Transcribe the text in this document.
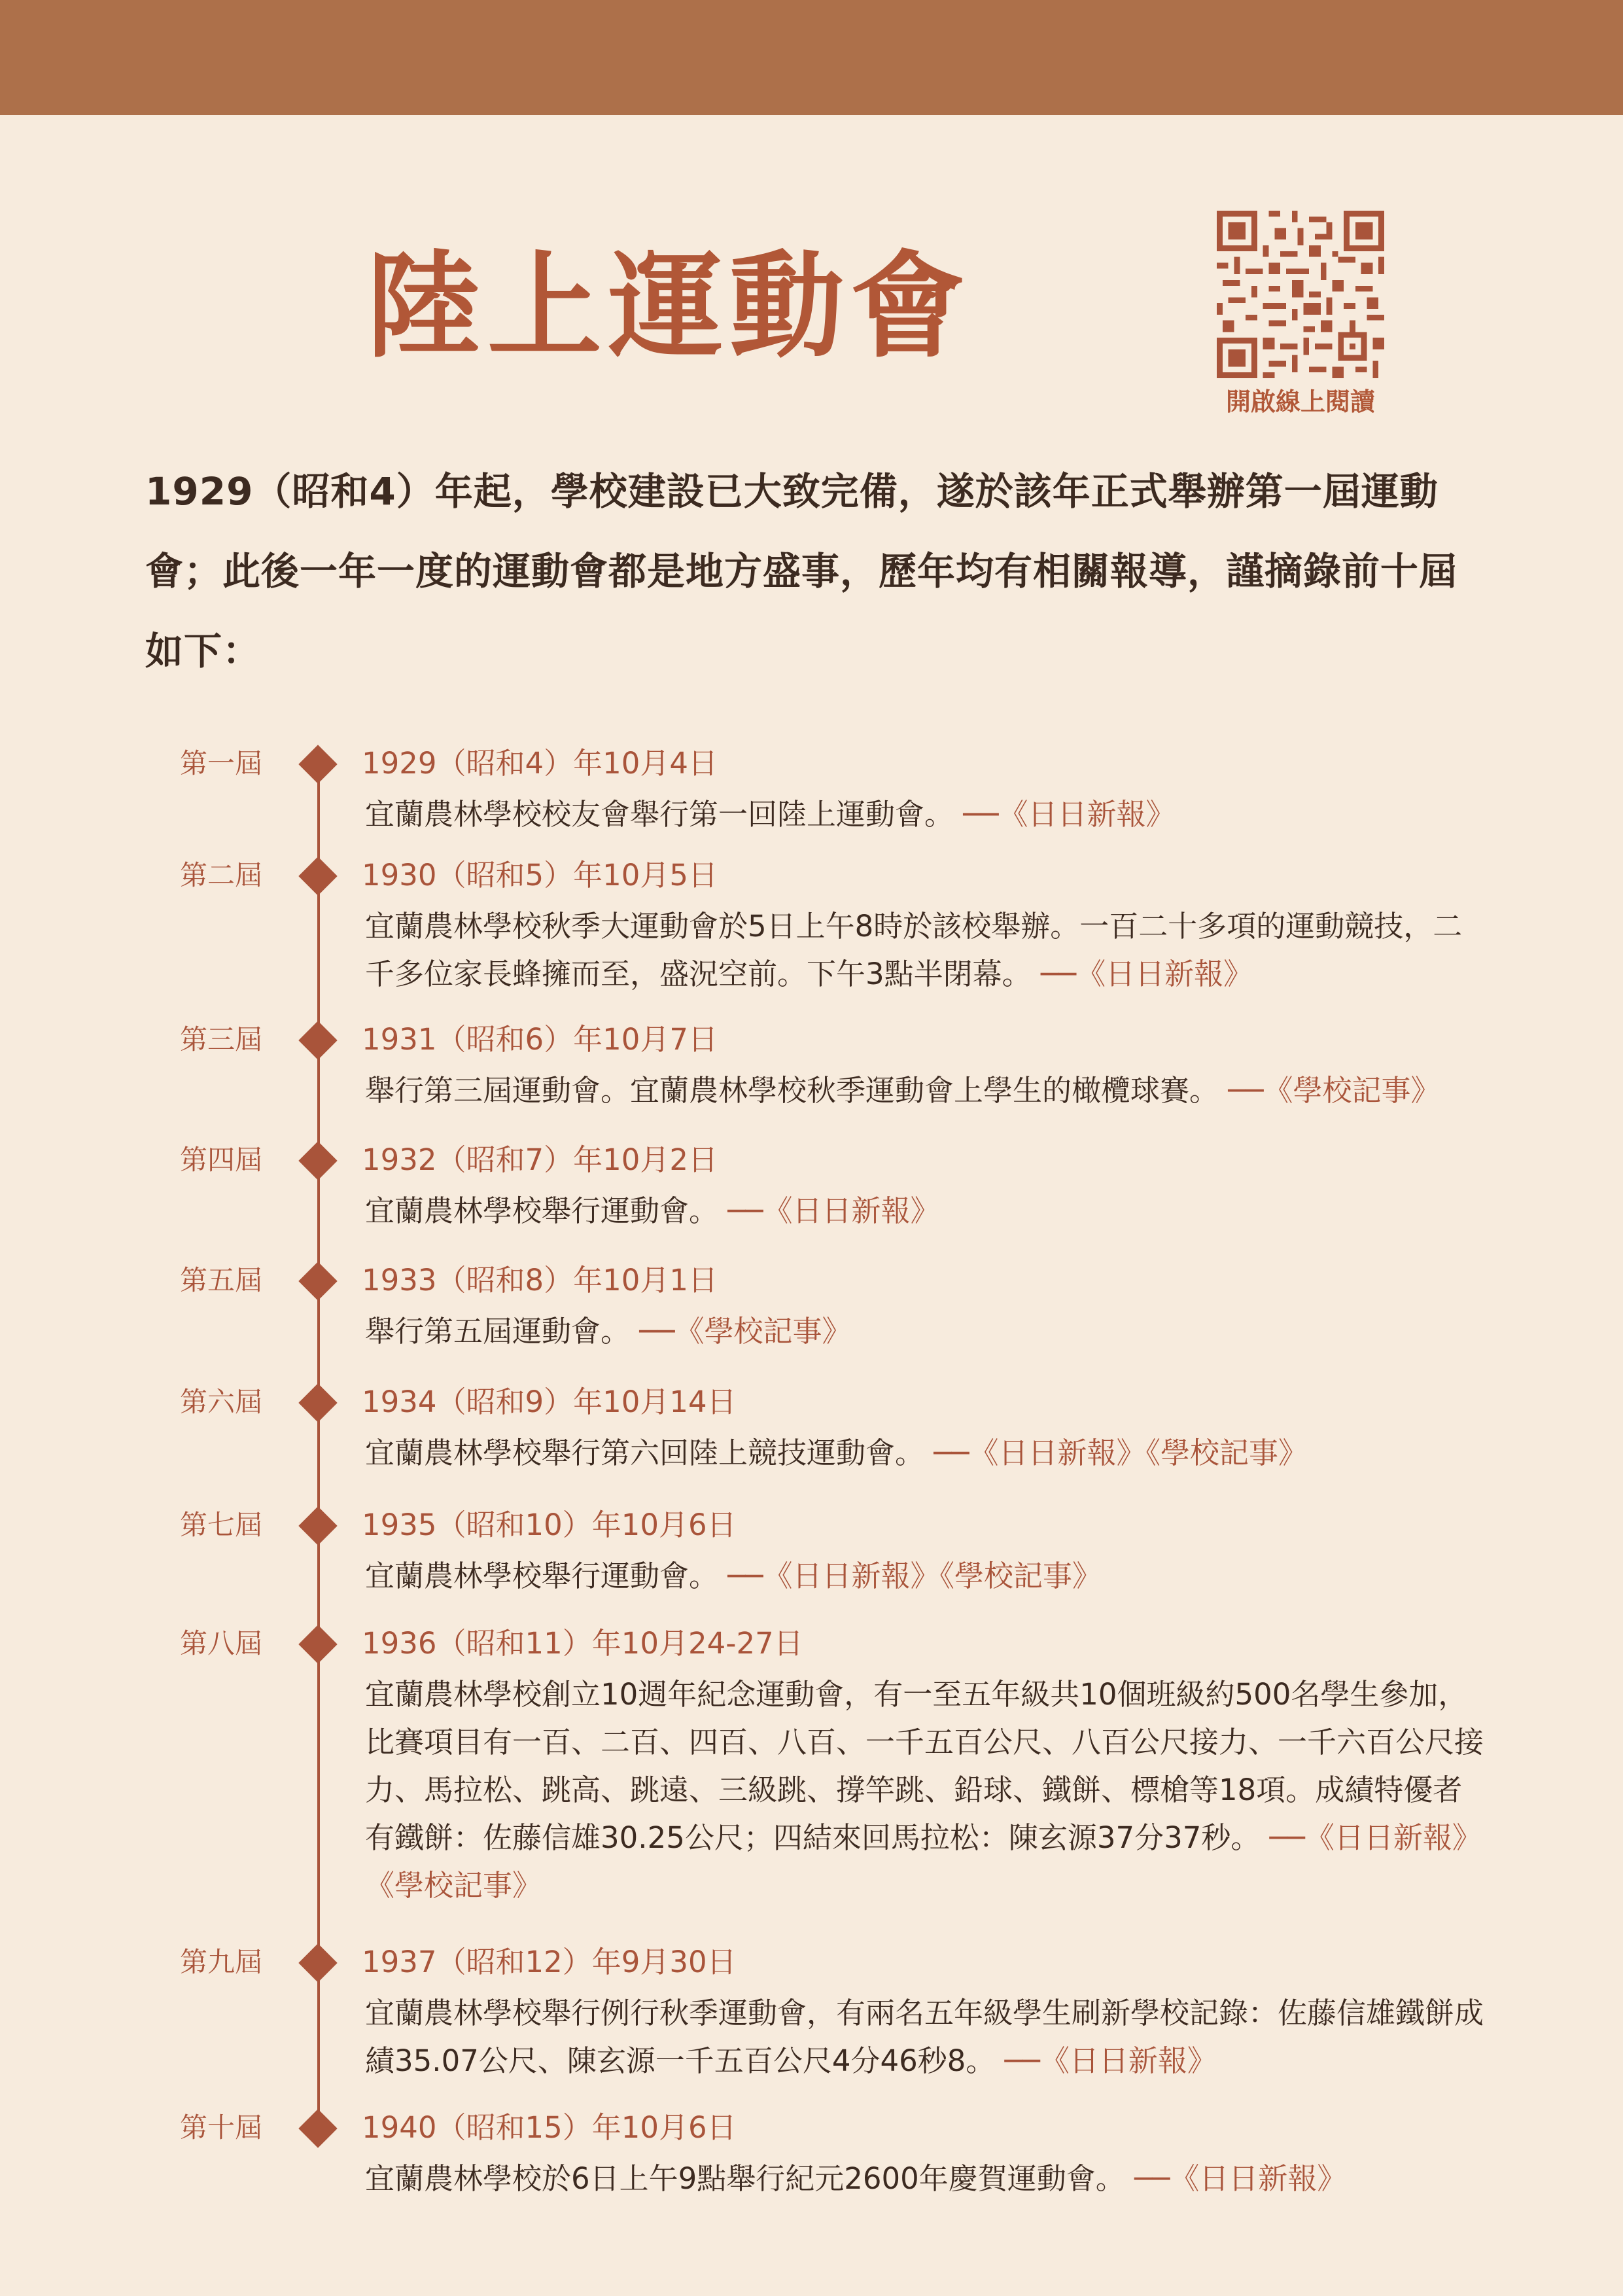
陸上運動會
開啟線上閱讀
1929（昭和4）年起，學校建設已大致完備，遂於該年正式舉辦第一屆運動會；此後一年一度的運動會都是地方盛事，歷年均有相關報導，謹摘錄前十屆如下：
第一屆	1929（昭和4）年10月4日
宜蘭農林學校校友會舉行第一回陸上運動會。 ──《日日新報》
第二屆	1930（昭和5）年10月5日
宜蘭農林學校秋季大運動會於5日上午8時於該校舉辦。一百二十多項的運動競技，二千多位家長蜂擁而至，盛況空前。下午3點半閉幕。 ──《日日新報》
第三屆	1931（昭和6）年10月7日
舉行第三屆運動會。宜蘭農林學校秋季運動會上學生的橄欖球賽。 ──《學校記事》
第四屆	1932（昭和7）年10月2日
宜蘭農林學校舉行運動會。 ──《日日新報》
第五屆	1933（昭和8）年10月1日
舉行第五屆運動會。 ──《學校記事》
第六屆	1934（昭和9）年10月14日
宜蘭農林學校舉行第六回陸上競技運動會。 ──《日日新報》《學校記事》
第七屆	1935（昭和10）年10月6日
宜蘭農林學校舉行運動會。 ──《日日新報》《學校記事》
第八屆	1936（昭和11）年10月24-27日
宜蘭農林學校創立10週年紀念運動會，有一至五年級共10個班級約500名學生參加，比賽項目有一百、二百、四百、八百、一千五百公尺、八百公尺接力、一千六百公尺接力、馬拉松、跳高、跳遠、三級跳、撐竿跳、鉛球、鐵餅、標槍等18項。成績特優者有鐵餅：佐藤信雄30.25公尺；四結來回馬拉松：陳玄源37分37秒。 ──《日日新報》《學校記事》
第九屆	1937（昭和12）年9月30日
宜蘭農林學校舉行例行秋季運動會，有兩名五年級學生刷新學校記錄：佐藤信雄鐵餅成績35.07公尺、陳玄源一千五百公尺4分46秒8。 ──《日日新報》
第十屆	1940（昭和15）年10月6日
宜蘭農林學校於6日上午9點舉行紀元2600年慶賀運動會。 ──《日日新報》
